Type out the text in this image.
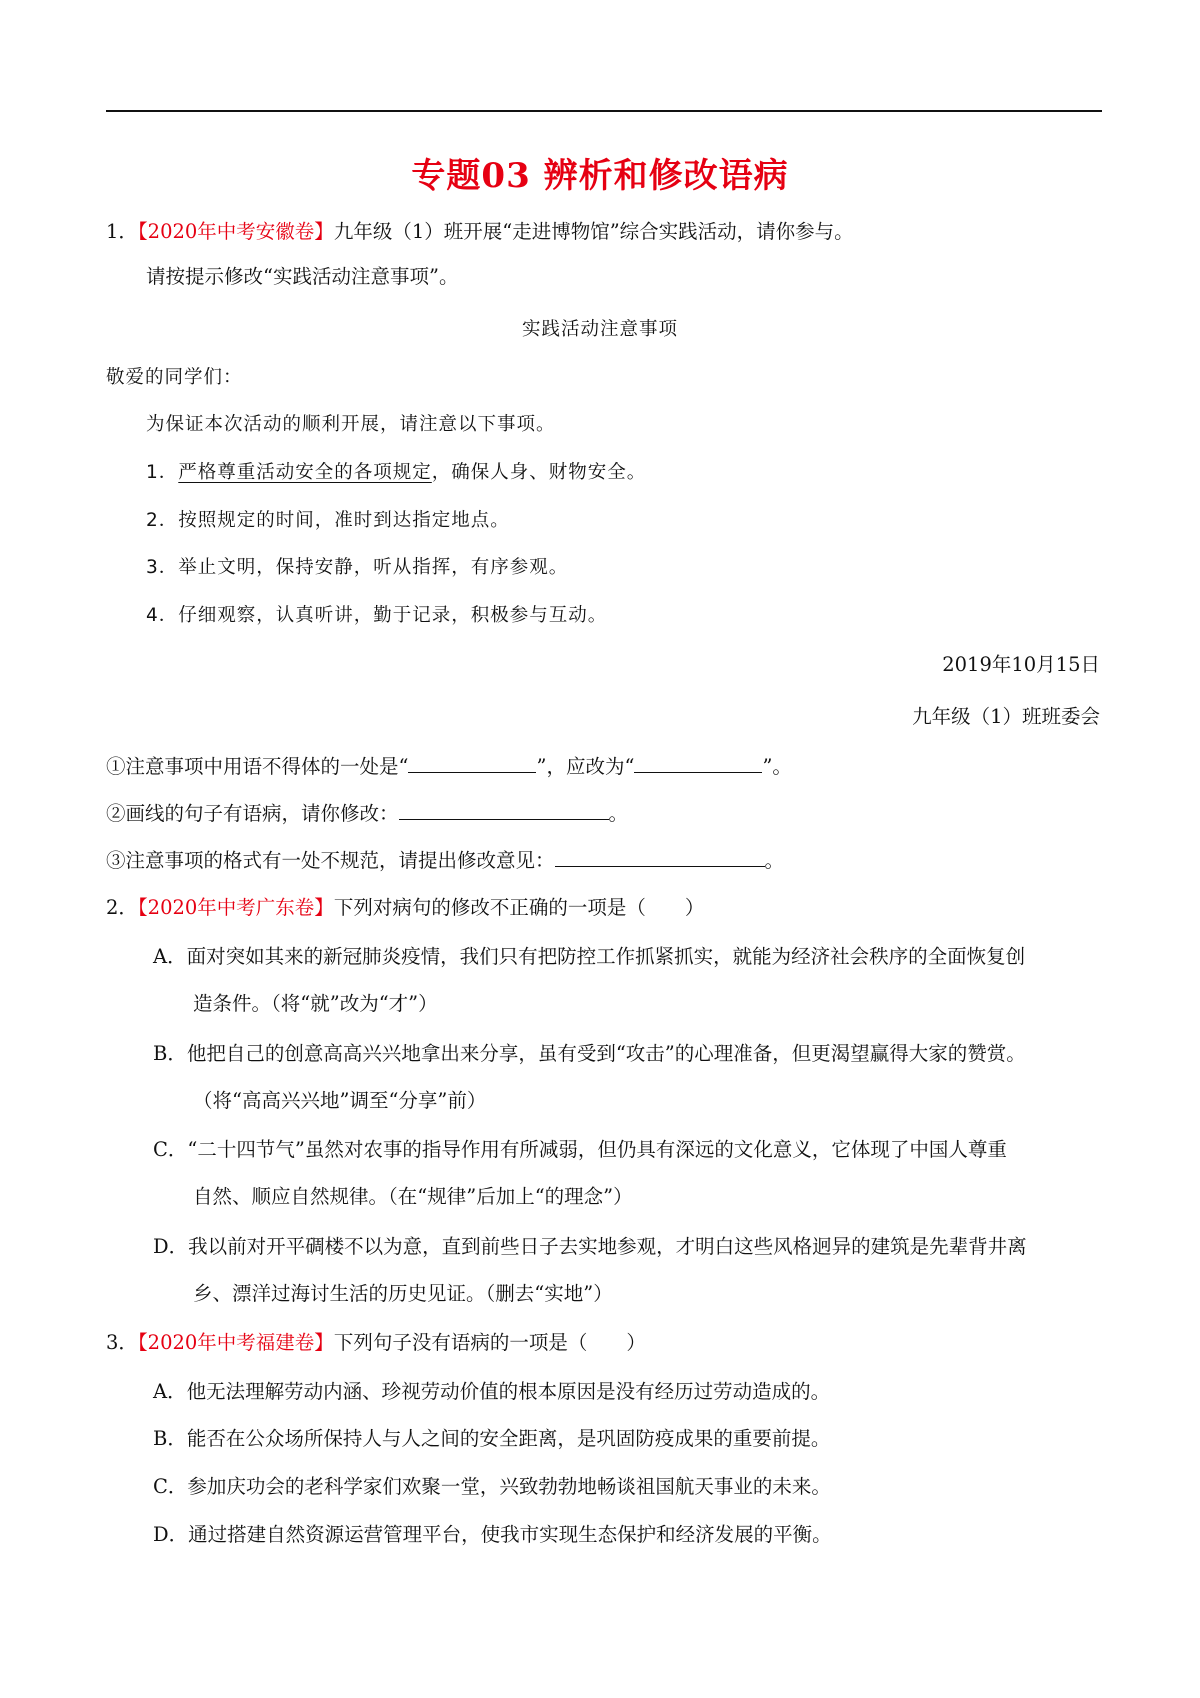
专题03 辨析和修改语病
1．【2020年中考安徽卷】九年级（1）班开展“走进博物馆”综合实践活动，请你参与。
请按提示修改“实践活动注意事项”。
实践活动注意事项
敬爱的同学们：
为保证本次活动的顺利开展，请注意以下事项。
1．严格尊重活动安全的各项规定，确保人身、财物安全。
2．按照规定的时间，准时到达指定地点。
3．举止文明，保持安静，听从指挥，有序参观。
4．仔细观察，认真听讲，勤于记录，积极参与互动。
2019年10月15日
九年级（1）班班委会
①注意事项中用语不得体的一处是“	”，应改为“	”。
②画线的句子有语病，请你修改：	。
③注意事项的格式有一处不规范，请提出修改意见：	。
2．【2020年中考广东卷】下列对病句的修改不正确的一项是（　　）
A．面对突如其来的新冠肺炎疫情，我们只有把防控工作抓紧抓实，就能为经济社会秩序的全面恢复创
造条件。（将“就”改为“才”）
B．他把自己的创意高高兴兴地拿出来分享，虽有受到“攻击”的心理准备，但更渴望赢得大家的赞赏。
（将“高高兴兴地”调至“分享”前）
C．“二十四节气”虽然对农事的指导作用有所减弱，但仍具有深远的文化意义，它体现了中国人尊重
自然、顺应自然规律。（在“规律”后加上“的理念”）
D．我以前对开平碉楼不以为意，直到前些日子去实地参观，才明白这些风格迥异的建筑是先辈背井离
乡、漂洋过海讨生活的历史见证。（删去“实地”）
3．【2020年中考福建卷】下列句子没有语病的一项是（　　）
A．他无法理解劳动内涵、珍视劳动价值的根本原因是没有经历过劳动造成的。
B．能否在公众场所保持人与人之间的安全距离，是巩固防疫成果的重要前提。
C．参加庆功会的老科学家们欢聚一堂，兴致勃勃地畅谈祖国航天事业的未来。
D．通过搭建自然资源运营管理平台，使我市实现生态保护和经济发展的平衡。
